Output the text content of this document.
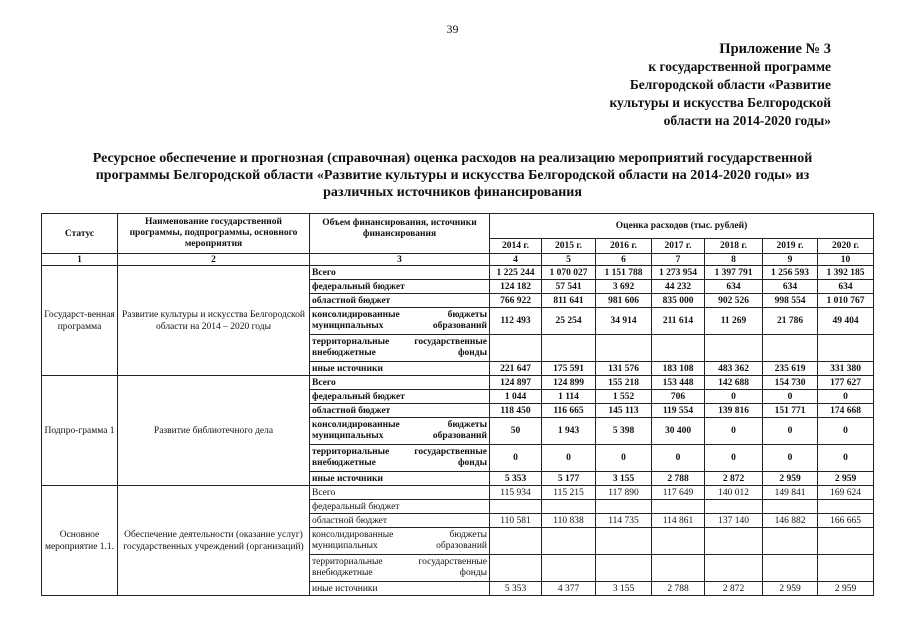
39
Приложение № 3
к государственной программе
Белгородской области «Развитие
культуры и искусства Белгородской
области на 2014-2020 годы»
Ресурсное обеспечение и прогнозная (справочная) оценка расходов на реализацию мероприятий государственной
программы Белгородской области «Развитие культуры и искусства Белгородской области на 2014-2020 годы» из
различных источников финансирования
Статус	Наименование государственной программы, подпрограммы, основного мероприятия	Объем финансирования, источники финансирования	Оценка расходов (тыс. рублей)						
			2014 г.	2015 г.	2016 г.	2017 г.	2018 г.	2019 г.	2020 г.
1	2	3	4	5	6	7	8	9	10
Государст-венная программа	Развитие культуры и искусства Белгородской области на 2014 – 2020 годы	Всего	1 225 244	1 070 027	1 151 788	1 273 954	1 397 791	1 256 593	1 392 185
		федеральный бюджет	124 182	57 541	3 692	44 232	634	634	634
		областной бюджет	766 922	811 641	981 606	835 000	902 526	998 554	1 010 767
		консолидированные бюджеты муниципальных образований	112 493	25 254	34 914	211 614	11 269	21 786	49 404
		территориальные государственные внебюджетные фонды							
		иные источники	221 647	175 591	131 576	183 108	483 362	235 619	331 380
Подпро-грамма 1	Развитие библиотечного дела	Всего	124 897	124 899	155 218	153 448	142 688	154 730	177 627
		федеральный бюджет	1 044	1 114	1 552	706	0	0	0
		областной бюджет	118 450	116 665	145 113	119 554	139 816	151 771	174 668
		консолидированные бюджеты муниципальных образований	50	1 943	5 398	30 400	0	0	0
		территориальные государственные внебюджетные фонды	0	0	0	0	0	0	0
		иные источники	5 353	5 177	3 155	2 788	2 872	2 959	2 959
Основное мероприятие 1.1.	Обеспечение деятельности (оказание услуг) государственных учреждений (организаций)	Всего	115 934	115 215	117 890	117 649	140 012	149 841	169 624
		федеральный бюджет							
		областной бюджет	110 581	110 838	114 735	114 861	137 140	146 882	166 665
		консолидированные бюджеты муниципальных образований							
		территориальные государственные внебюджетные фонды							
		иные источники	5 353	4 377	3 155	2 788	2 872	2 959	2 959
